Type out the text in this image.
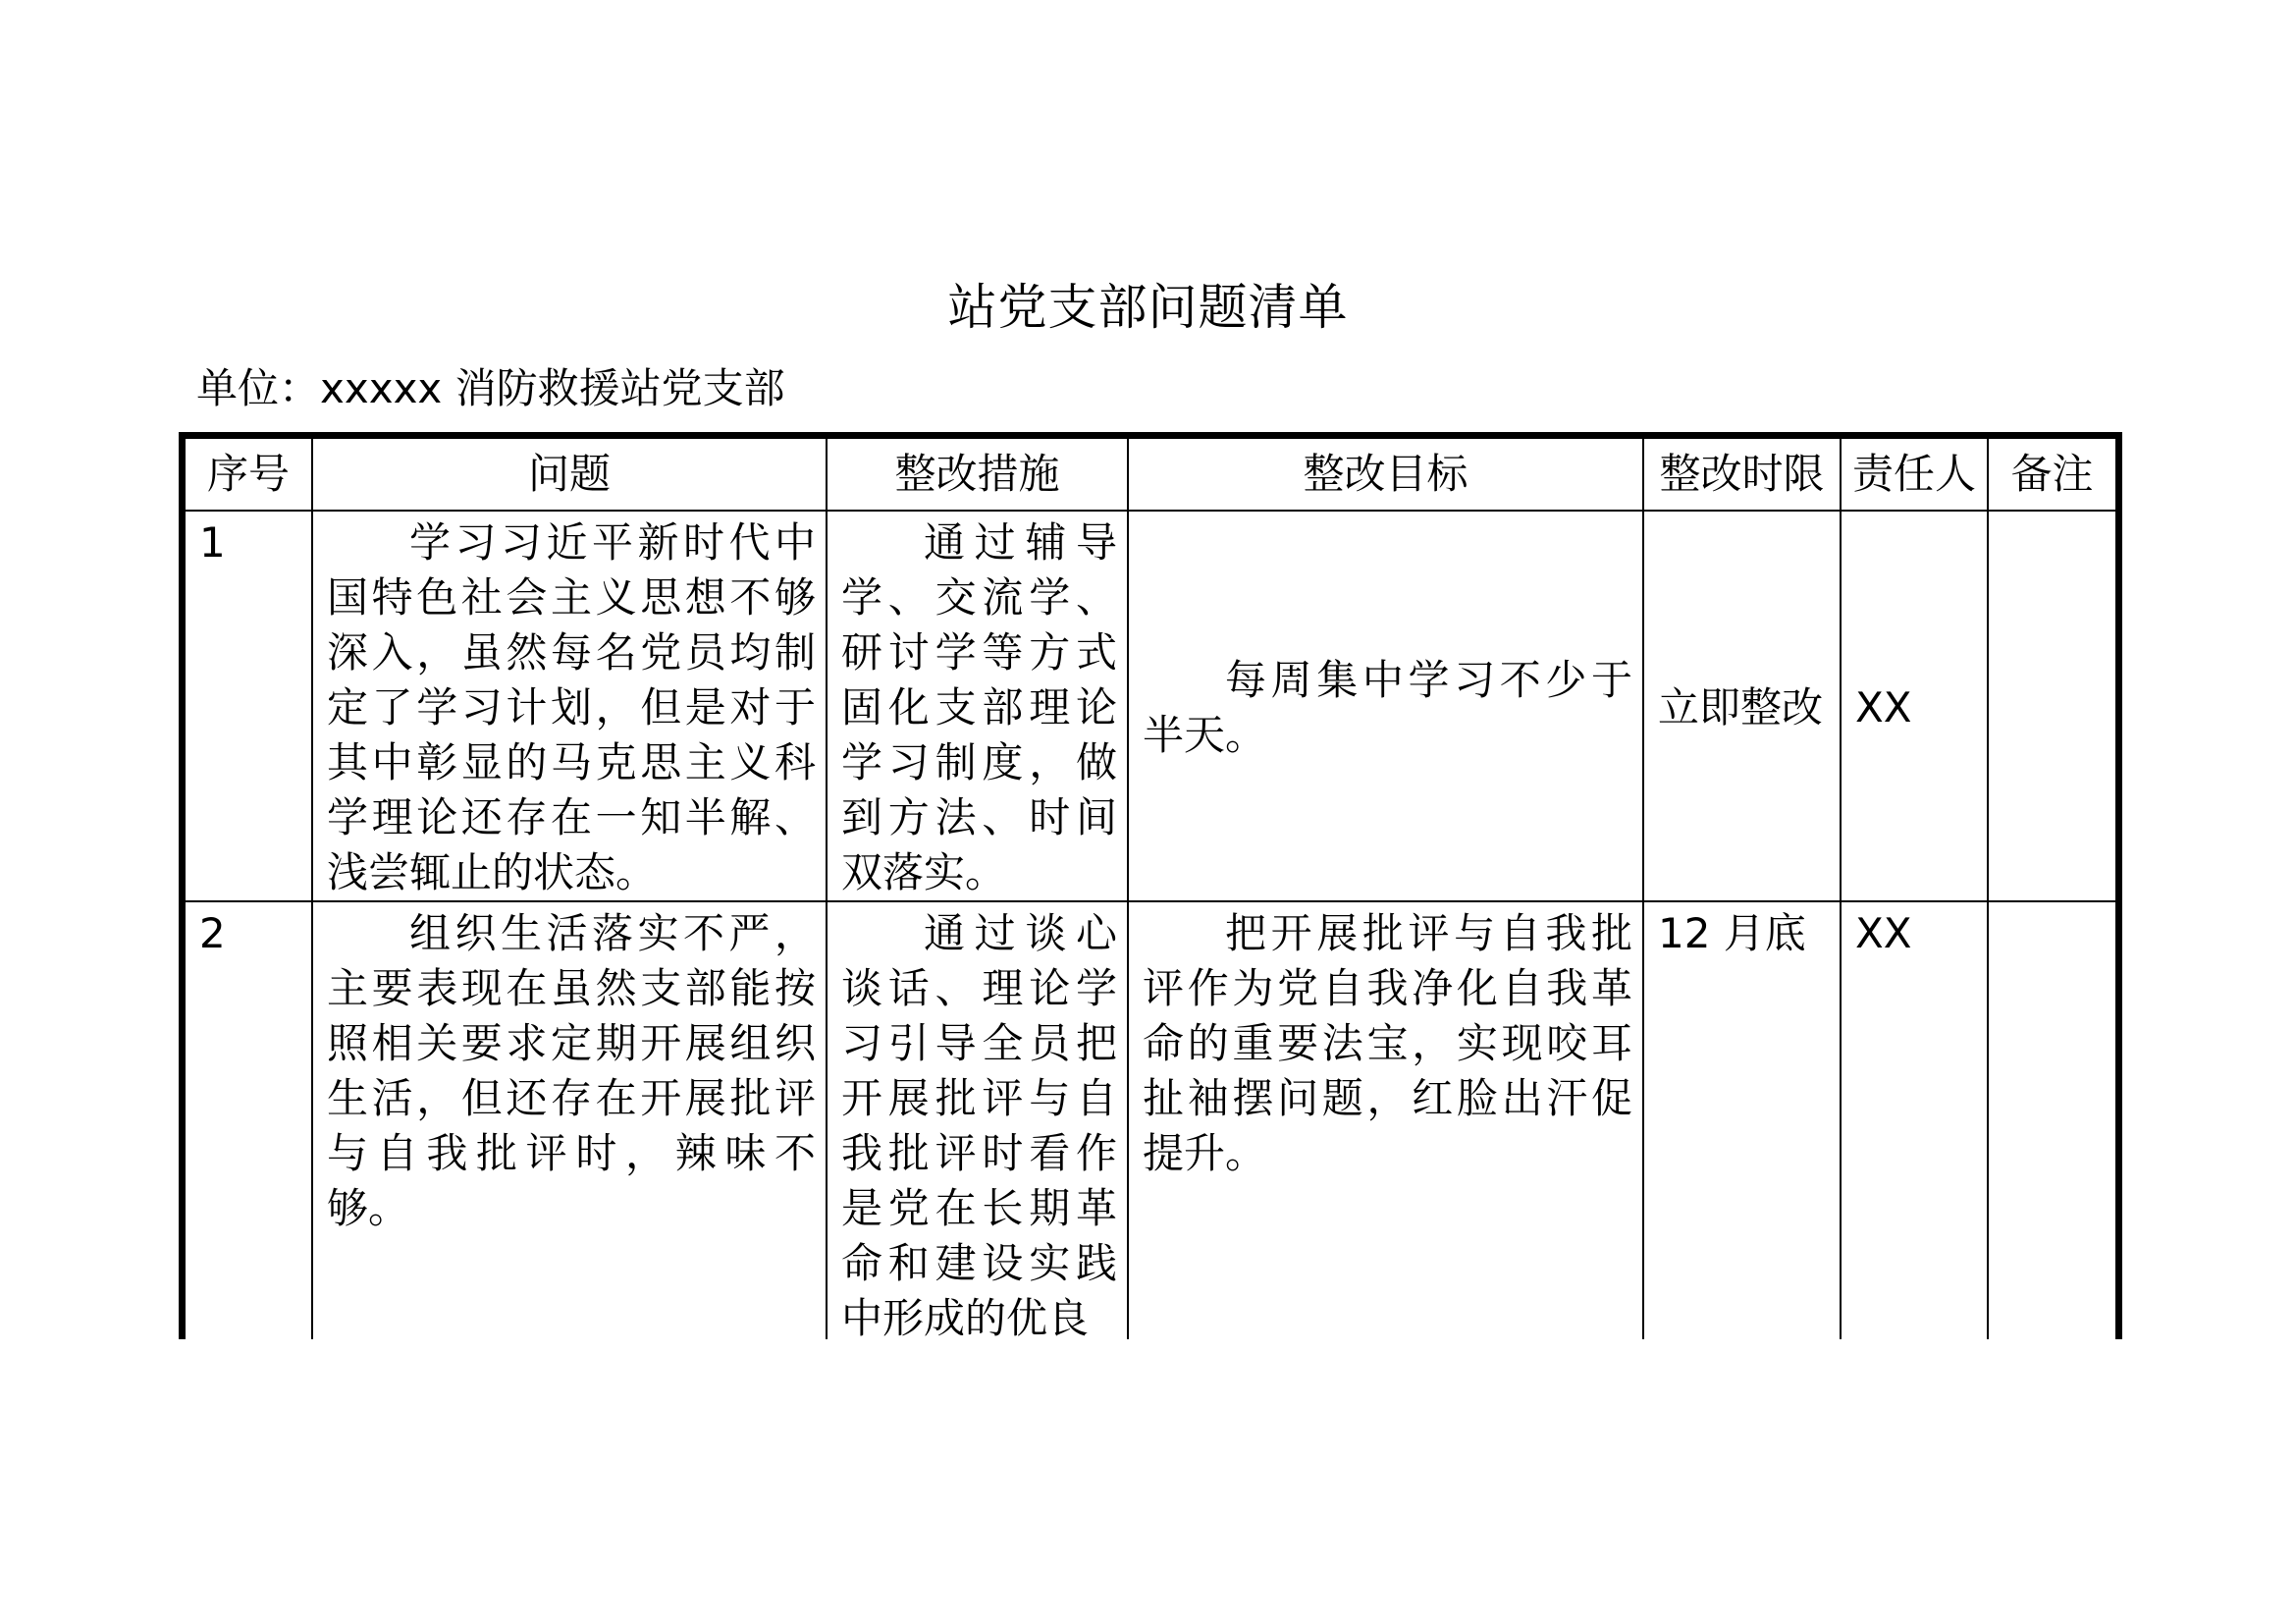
站党支部问题清单
单位：xxxxx 消防救援站党支部
序号	问题	整改措施	整改目标	整改时限	责任人	备注
1	学习习近平新时代中国特色社会主义思想不够深入，虽然每名党员均制定了学习计划，但是对于其中彰显的马克思主义科学理论还存在一知半解、浅尝辄止的状态。	通过辅导学、交流学、研讨学等方式固化支部理论学习制度，做到方法、时间双落实。	每周集中学习不少于半天。	立即整改	XX	
2	组织生活落实不严，主要表现在虽然支部能按照相关要求定期开展组织生活，但还存在开展批评与自我批评时，辣味不够。	通过谈心谈话、理论学习引导全员把开展批评与自我批评时看作是党在长期革命和建设实践中形成的优良	把开展批评与自我批评作为党自我净化自我革命的重要法宝，实现咬耳扯袖摆问题，红脸出汗促提升。	12 月底	XX	
